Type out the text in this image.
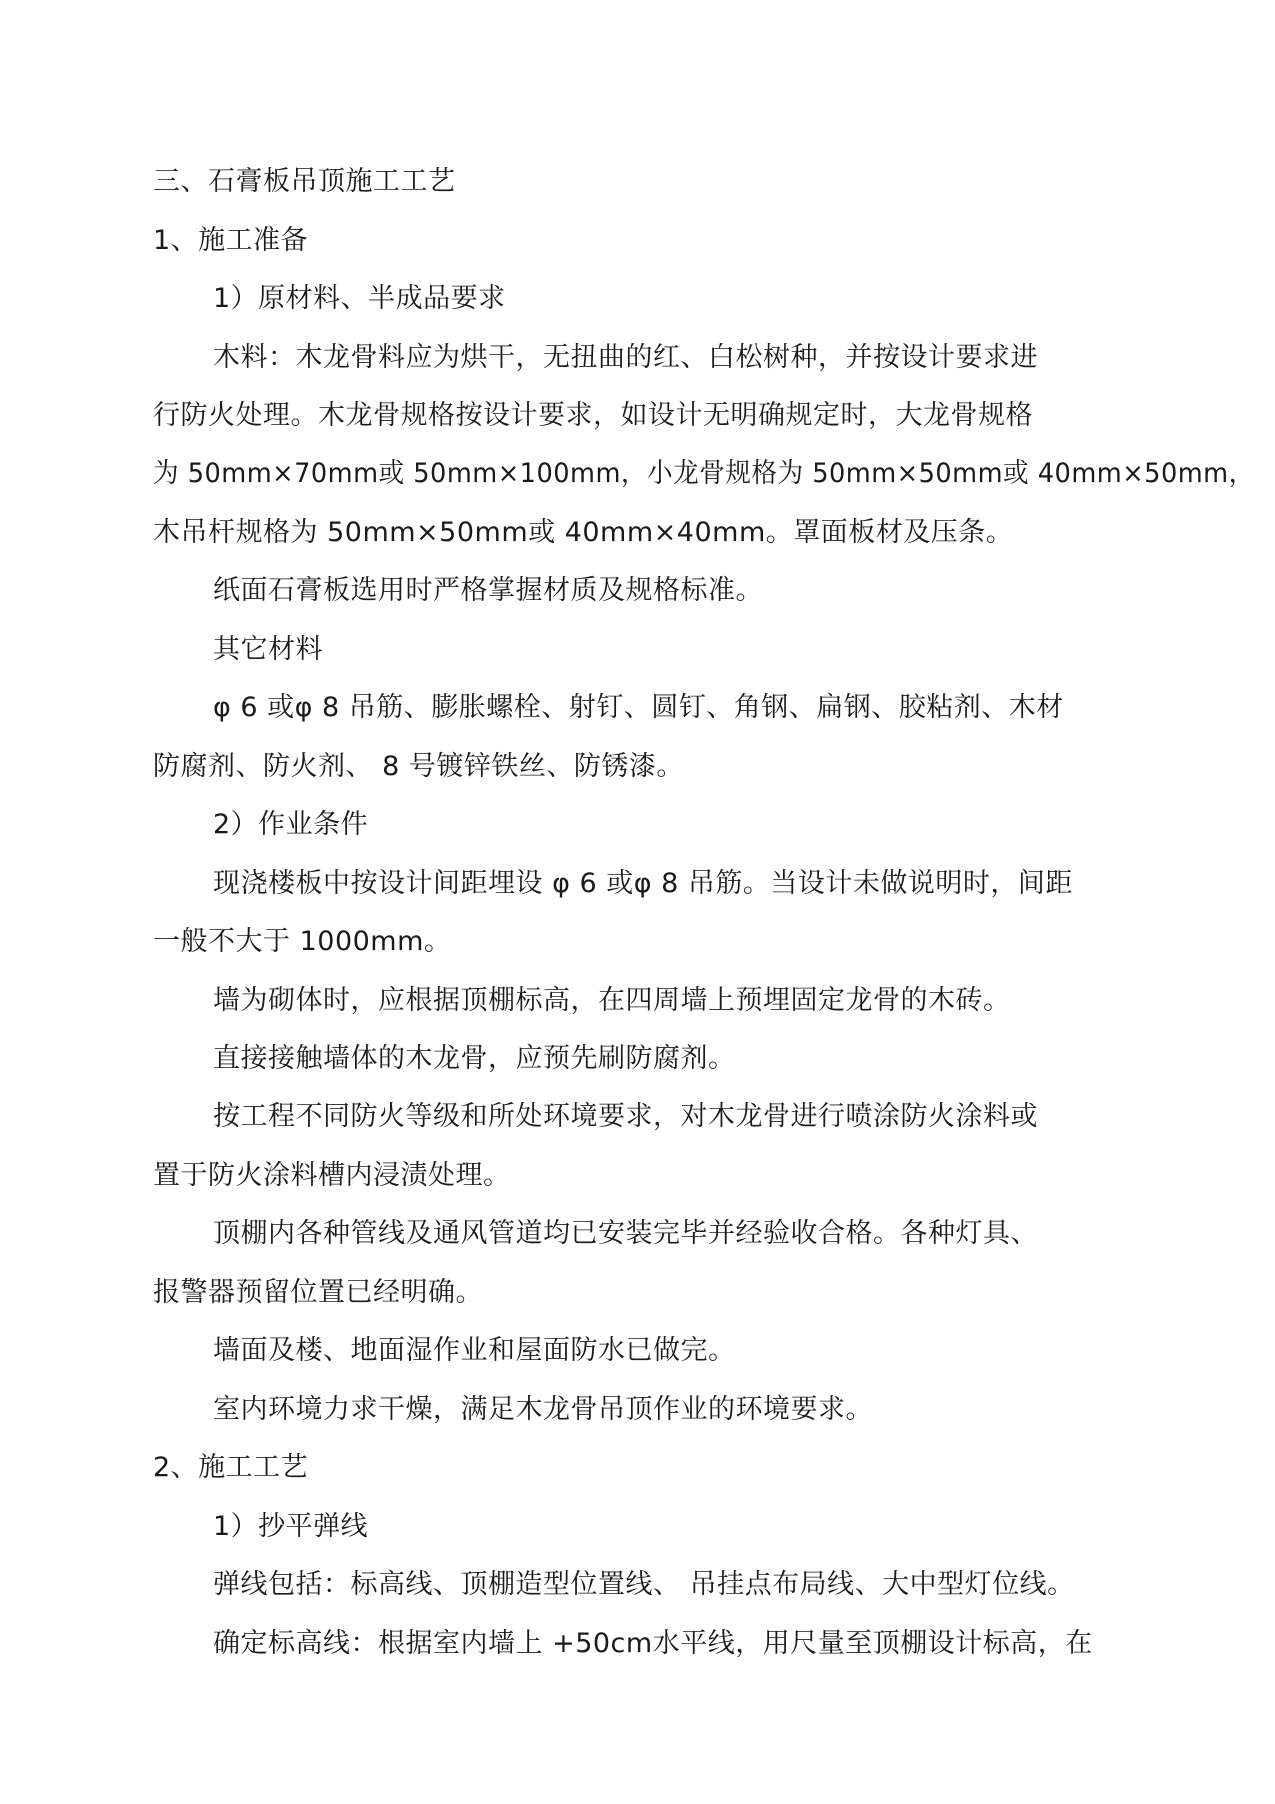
三、石膏板吊顶施工工艺
1、施工准备
1）原材料、半成品要求
木料：木龙骨料应为烘干，无扭曲的红、白松树种，并按设计要求进
行防火处理。木龙骨规格按设计要求，如设计无明确规定时，大龙骨规格
为 50mm×70mm或 50mm×100mm，小龙骨规格为 50mm×50mm或 40mm×50mm，
木吊杆规格为 50mm×50mm或 40mm×40mm。罩面板材及压条。
纸面石膏板选用时严格掌握材质及规格标准。
其它材料
φ 6 或φ 8 吊筋、膨胀螺栓、射钉、圆钉、角钢、扁钢、胶粘剂、木材
防腐剂、防火剂、 8 号镀锌铁丝、防锈漆。
2）作业条件
现浇楼板中按设计间距埋设 φ 6 或φ 8 吊筋。当设计未做说明时，间距
一般不大于 1000mm。
墙为砌体时，应根据顶棚标高，在四周墙上预埋固定龙骨的木砖。
直接接触墙体的木龙骨，应预先刷防腐剂。
按工程不同防火等级和所处环境要求，对木龙骨进行喷涂防火涂料或
置于防火涂料槽内浸渍处理。
顶棚内各种管线及通风管道均已安装完毕并经验收合格。各种灯具、
报警器预留位置已经明确。
墙面及楼、地面湿作业和屋面防水已做完。
室内环境力求干燥，满足木龙骨吊顶作业的环境要求。
2、施工工艺
1）抄平弹线
弹线包括：标高线、顶棚造型位置线、 吊挂点布局线、大中型灯位线。
确定标高线：根据室内墙上 +50cm水平线，用尺量至顶棚设计标高，在
